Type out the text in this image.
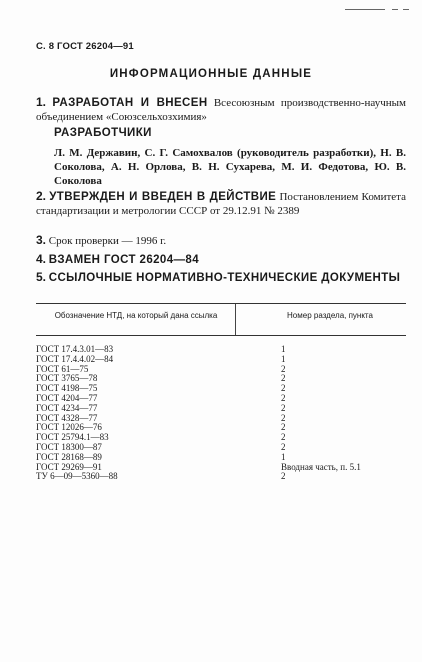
С. 8 ГОСТ 26204—91
ИНФОРМАЦИОННЫЕ ДАННЫЕ
1. РАЗРАБОТАН И ВНЕСЕН Всесоюзным производственно-научным объединением «Союзсельхозхимия»
РАЗРАБОТЧИКИ
Л. М. Державин, С. Г. Самохвалов (руководитель разработки), Н. В. Соколова, А. Н. Орлова, В. Н. Сухарева, М. И. Федотова, Ю. В. Соколова
2. УТВЕРЖДЕН И ВВЕДЕН В ДЕЙСТВИЕ Постановлением Комитета стандартизации и метрологии СССР от 29.12.91 № 2389
3. Срок проверки — 1996 г.
4. ВЗАМЕН ГОСТ 26204—84
5. ССЫЛОЧНЫЕ НОРМАТИВНО-ТЕХНИЧЕСКИЕ ДОКУМЕНТЫ
Обозначение НТД, на который дана ссылка	Номер раздела, пункта
ГОСТ 17.4.3.01—83	1
ГОСТ 17.4.4.02—84	1
ГОСТ 61—75	2
ГОСТ 3765—78	2
ГОСТ 4198—75	2
ГОСТ 4204—77	2
ГОСТ 4234—77	2
ГОСТ 4328—77	2
ГОСТ 12026—76	2
ГОСТ 25794.1—83	2
ГОСТ 18300—87	2
ГОСТ 28168—89	1
ГОСТ 29269—91	Вводная часть, п. 5.1
ТУ 6—09—5360—88	2
